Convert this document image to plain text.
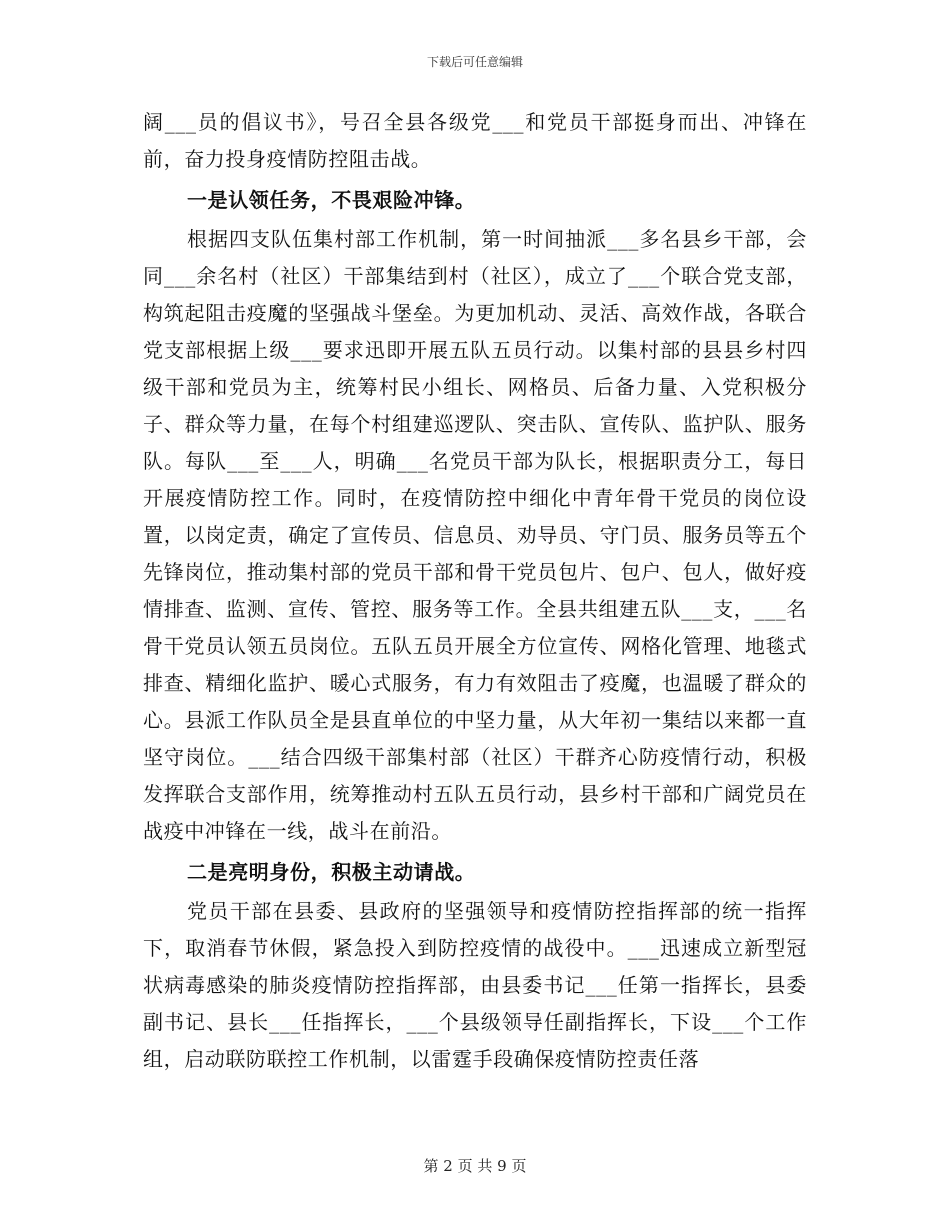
下载后可任意编辑

阔___员的倡议书》，号召全县各级党___和党员干部挺身而出、冲锋在前，奋力投身疫情防控阻击战。

一是认领任务，不畏艰险冲锋。

根据四支队伍集村部工作机制，第一时间抽派___多名县乡干部，会同___余名村（社区）干部集结到村（社区），成立了___个联合党支部，构筑起阻击疫魔的坚强战斗堡垒。为更加机动、灵活、高效作战，各联合党支部根据上级___要求迅即开展五队五员行动。以集村部的县县乡村四级干部和党员为主，统筹村民小组长、网格员、后备力量、入党积极分子、群众等力量，在每个村组建巡逻队、突击队、宣传队、监护队、服务队。每队___至___人，明确___名党员干部为队长，根据职责分工，每日开展疫情防控工作。同时，在疫情防控中细化中青年骨干党员的岗位设置，以岗定责，确定了宣传员、信息员、劝导员、守门员、服务员等五个先锋岗位，推动集村部的党员干部和骨干党员包片、包户、包人，做好疫情排查、监测、宣传、管控、服务等工作。全县共组建五队___支，___名骨干党员认领五员岗位。五队五员开展全方位宣传、网格化管理、地毯式排查、精细化监护、暖心式服务，有力有效阻击了疫魔，也温暖了群众的心。县派工作队员全是县直单位的中坚力量，从大年初一集结以来都一直坚守岗位。___结合四级干部集村部（社区）干群齐心防疫情行动，积极发挥联合支部作用，统筹推动村五队五员行动，县乡村干部和广阔党员在战疫中冲锋在一线，战斗在前沿。

二是亮明身份，积极主动请战。

党员干部在县委、县政府的坚强领导和疫情防控指挥部的统一指挥下，取消春节休假，紧急投入到防控疫情的战役中。___迅速成立新型冠状病毒感染的肺炎疫情防控指挥部，由县委书记___任第一指挥长，县委副书记、县长___任指挥长，___个县级领导任副指挥长，下设___个工作组，启动联防联控工作机制，以雷霆手段确保疫情防控责任落

第 2 页 共 9 页
